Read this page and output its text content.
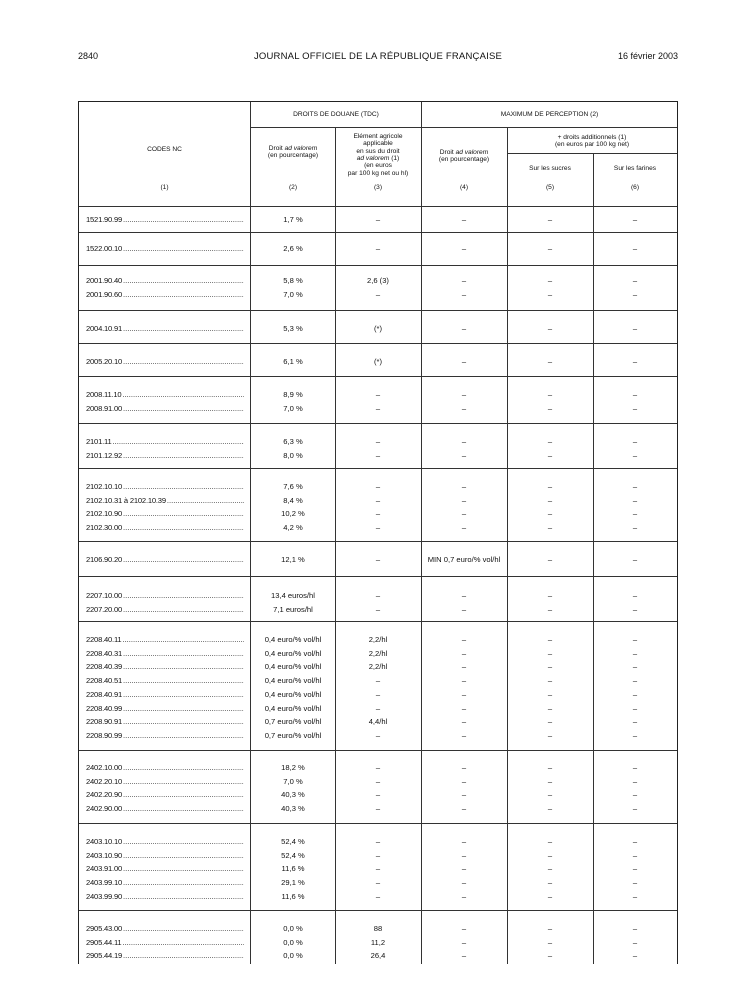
2840	JOURNAL OFFICIEL DE LA RÉPUBLIQUE FRANÇAISE	16 février 2003
CODES NC
DROITS DE DOUANE (TDC)	MAXIMUM DE PERCEPTION (2)
Droit ad valorem
(en pourcentage)
Elément agricole
applicable
en sus du droit
ad valorem (1)
(en euros
par 100 kg net ou hl)
Droit ad valorem
(en pourcentage)
+ droits additionnels (1)
(en euros par 100 kg net)
Sur les sucres	Sur les farines
(1)	(2)	(3)	(4)	(5)	(6)
1521.90.99 .....	1,7 %	–	–	–	–
1522.00.10 .....	2,6 %	–	–	–	–
2001.90.40 .....	5,8 %	2,6 (3)	–	–	–
2001.90.60 .....	7,0 %	–	–	–	–
2004.10.91 .....	5,3 %	(*)	–	–	–
2005.20.10 .....	6,1 %	(*)	–	–	–
2008.11.10 .....	8,9 %	–	–	–	–
2008.91.00 .....	7,0 %	–	–	–	–
2101.11 .....	6,3 %	–	–	–	–
2101.12.92 .....	8,0 %	–	–	–	–
2102.10.10 .....	7,6 %	–	–	–	–
2102.10.31 à 2102.10.39 .....	8,4 %	–	–	–	–
2102.10.90 .....	10,2 %	–	–	–	–
2102.30.00 .....	4,2 %	–	–	–	–
2106.90.20 .....	12,1 %	–	MIN 0,7 euro/% vol/hl	–	–
2207.10.00 .....	13,4 euros/hl	–	–	–	–
2207.20.00 .....	7,1 euros/hl	–	–	–	–
2208.40.11 .....	0,4 euro/% vol/hl	2,2/hl	–	–	–
2208.40.31 .....	0,4 euro/% vol/hl	2,2/hl	–	–	–
2208.40.39 .....	0,4 euro/% vol/hl	2,2/hl	–	–	–
2208.40.51 .....	0,4 euro/% vol/hl	–	–	–	–
2208.40.91 .....	0,4 euro/% vol/hl	–	–	–	–
2208.40.99 .....	0,4 euro/% vol/hl	–	–	–	–
2208.90.91 .....	0,7 euro/% vol/hl	4,4/hl	–	–	–
2208.90.99 .....	0,7 euro/% vol/hl	–	–	–	–
2402.10.00 .....	18,2 %	–	–	–	–
2402.20.10 .....	7,0 %	–	–	–	–
2402.20.90 .....	40,3 %	–	–	–	–
2402.90.00 .....	40,3 %	–	–	–	–
2403.10.10 .....	52,4 %	–	–	–	–
2403.10.90 .....	52,4 %	–	–	–	–
2403.91.00 .....	11,6 %	–	–	–	–
2403.99.10 .....	29,1 %	–	–	–	–
2403.99.90 .....	11,6 %	–	–	–	–
2905.43.00 .....	0,0 %	88	–	–	–
2905.44.11 .....	0,0 %	11,2	–	–	–
2905.44.19 .....	0,0 %	26,4	–	–	–
